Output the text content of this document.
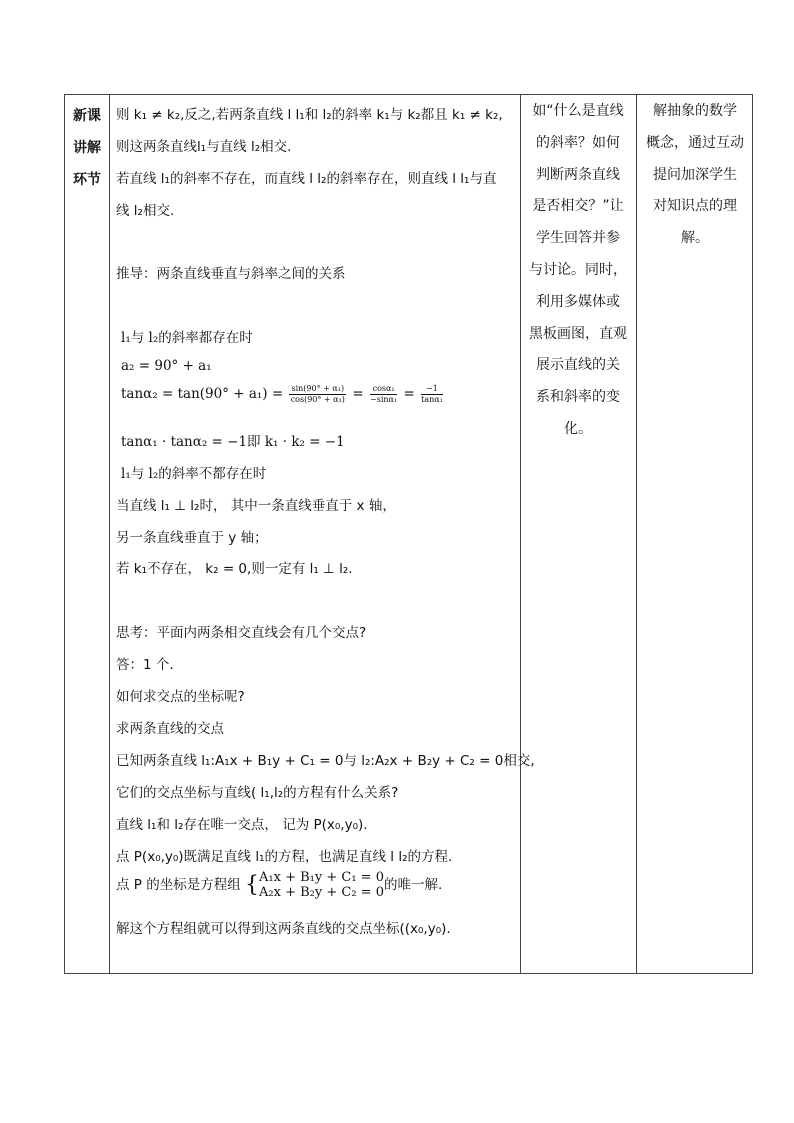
新课
讲解
环节
则 k₁ ≠ k₂,反之,若两条直线 l l₁和 l₂的斜率 k₁与 k₂都且 k₁ ≠ k₂,
则这两条直线l₁与直线 l₂相交.
若直线 l₁的斜率不存在，而直线 l l₂的斜率存在，则直线 l l₁与直
线 l₂相交.
推导：两条直线垂直与斜率之间的关系
l₁与 l₂的斜率都存在时
a₂ = 90° + a₁
$\tan\alpha_2 = \tan(90^\circ + a_1) = \frac{\text{sin(90° + α₁)}}{\text{cos(90° + α₁)}} = \frac{\text{cosα₁}}{\text{−sinα₁}} = \frac{-1}{\text{tanα₁}}$
tanα₁ · tanα₂ = −1即 k₁ · k₂ = −1
l₁与 l₂的斜率不都存在时
当直线 l₁ ⊥ l₂时， 其中一条直线垂直于 x 轴，
另一条直线垂直于 y 轴；
若 k₁不存在， k₂ = 0,则一定有 l₁ ⊥ l₂.
思考：平面内两条相交直线会有几个交点?
答：1 个.
如何求交点的坐标呢?
求两条直线的交点
已知两条直线 l₁:A₁x + B₁y + C₁ = 0与 l₂:A₂x + B₂y + C₂ = 0相交,
它们的交点坐标与直线( l₁,l₂的方程有什么关系?
直线 l₁和 l₂存在唯一交点， 记为 P(x₀,y₀).
点 P(x₀,y₀)既满足直线 l₁的方程，也满足直线 l l₂的方程.
点 P 的坐标是方程组 { A₁x + B₁y + C₁ = 0
A₂x + B₂y + C₂ = 0 的唯一解.
解这个方程组就可以得到这两条直线的交点坐标((x₀,y₀).
如“什么是直线
的斜率？如何
判断两条直线
是否相交？”让
学生回答并参
与讨论。同时，
利用多媒体或
黑板画图，直观
展示直线的关
系和斜率的变
化。
解抽象的数学
概念，通过互动
提问加深学生
对知识点的理
解。
